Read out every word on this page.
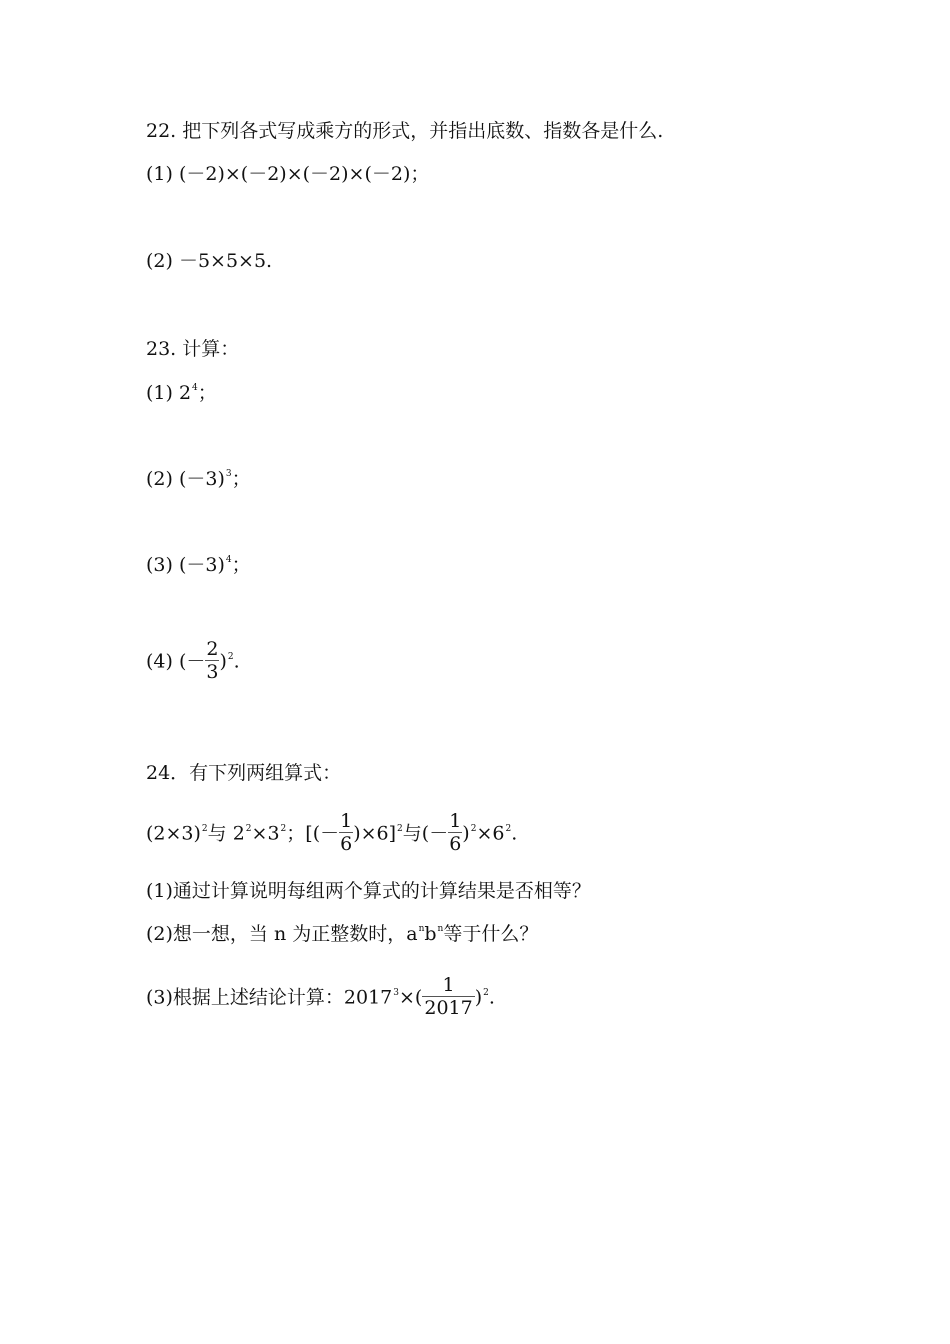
22. 把下列各式写成乘方的形式，并指出底数、指数各是什么.
(1) (－2)×(－2)×(－2)×(－2)；
(2) －5×5×5.
23. 计算：
(1) $2^4$；
(2) $(-3)^3$；
(3) $(-3)^4$；
(4) (－ $\frac{2}{3} )^2$.
24．有下列两组算式：
$(2\times 3)^2$与 $2^2\times 3^2$；[(－ $\frac{1}{6} )\times 6]^2$与(－ $\frac{1}{6} )^2\times 6^2$.
(1)通过计算说明每组两个算式的计算结果是否相等？
(2)想一想，当 n 为正整数时，$a^nb^n$等于什么？
(3)根据上述结论计算：$2017^3\times( \frac{1}{2017} )^2$.
